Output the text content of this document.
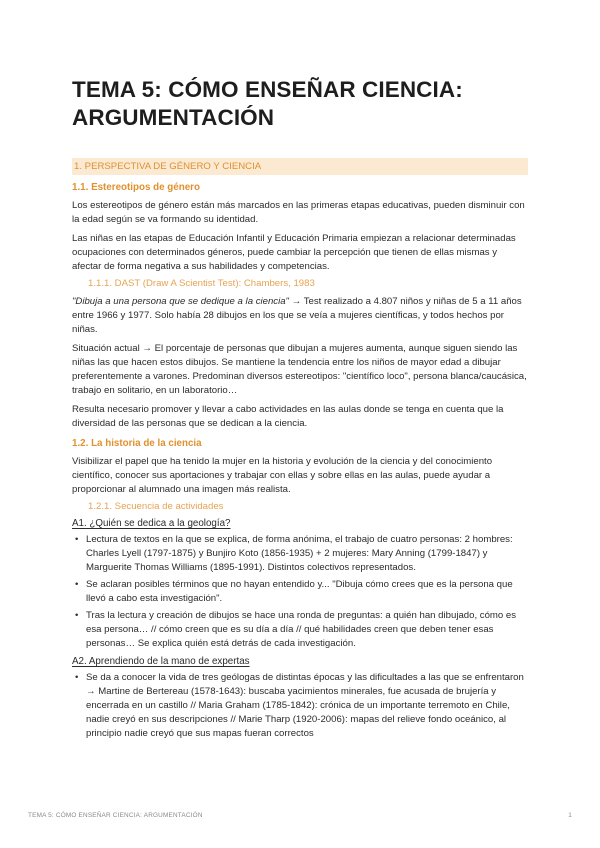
TEMA 5: CÓMO ENSEÑAR CIENCIA: ARGUMENTACIÓN
1. PERSPECTIVA DE GÉNERO Y CIENCIA
1.1. Estereotipos de género

Los estereotipos de género están más marcados en las primeras etapas educativas, pueden disminuir con la edad según se va formando su identidad.

Las niñas en las etapas de Educación Infantil y Educación Primaria empiezan a relacionar determinadas ocupaciones con determinados géneros, puede cambiar la percepción que tienen de ellas mismas y afectar de forma negativa a sus habilidades y competencias.

1.1.1. DAST (Draw A Scientist Test): Chambers, 1983

"Dibuja a una persona que se dedique a la ciencia" → Test realizado a 4.807 niños y niñas de 5 a 11 años entre 1966 y 1977. Solo había 28 dibujos en los que se veía a mujeres científicas, y todos hechos por niñas.

Situación actual → El porcentaje de personas que dibujan a mujeres aumenta, aunque siguen siendo las niñas las que hacen estos dibujos. Se mantiene la tendencia entre los niños de mayor edad a dibujar preferentemente a varones. Predominan diversos estereotipos: "científico loco", persona blanca/caucásica, trabajo en solitario, en un laboratorio…

Resulta necesario promover y llevar a cabo actividades en las aulas donde se tenga en cuenta que la diversidad de las personas que se dedican a la ciencia.

1.2. La historia de la ciencia

Visibilizar el papel que ha tenido la mujer en la historia y evolución de la ciencia y del conocimiento científico, conocer sus aportaciones y trabajar con ellas y sobre ellas en las aulas, puede ayudar a proporcionar al alumnado una imagen más realista.

1.2.1. Secuencia de actividades
A1. ¿Quién se dedica a la geología?
• Lectura de textos en la que se explica, de forma anónima, el trabajo de cuatro personas: 2 hombres: Charles Lyell (1797-1875) y Bunjiro Koto (1856-1935) + 2 mujeres: Mary Anning (1799-1847) y Marguerite Thomas Williams (1895-1991). Distintos colectivos representados.
• Se aclaran posibles términos que no hayan entendido y... "Dibuja cómo crees que es la persona que llevó a cabo esta investigación".
• Tras la lectura y creación de dibujos se hace una ronda de preguntas: a quién han dibujado, cómo es esa persona… // cómo creen que es su día a día // qué habilidades creen que deben tener esas personas… Se explica quién está detrás de cada investigación.
A2. Aprendiendo de la mano de expertas
• Se da a conocer la vida de tres geólogas de distintas épocas y las dificultades a las que se enfrentaron → Martine de Bertereau (1578-1643): buscaba yacimientos minerales, fue acusada de brujería y encerrada en un castillo // Maria Graham (1785-1842): crónica de un importante terremoto en Chile, nadie creyó en sus descripciones // Marie Tharp (1920-2006): mapas del relieve fondo oceánico, al principio nadie creyó que sus mapas fueran correctos
TEMA 5: CÓMO ENSEÑAR CIENCIA: ARGUMENTACIÓN	1
